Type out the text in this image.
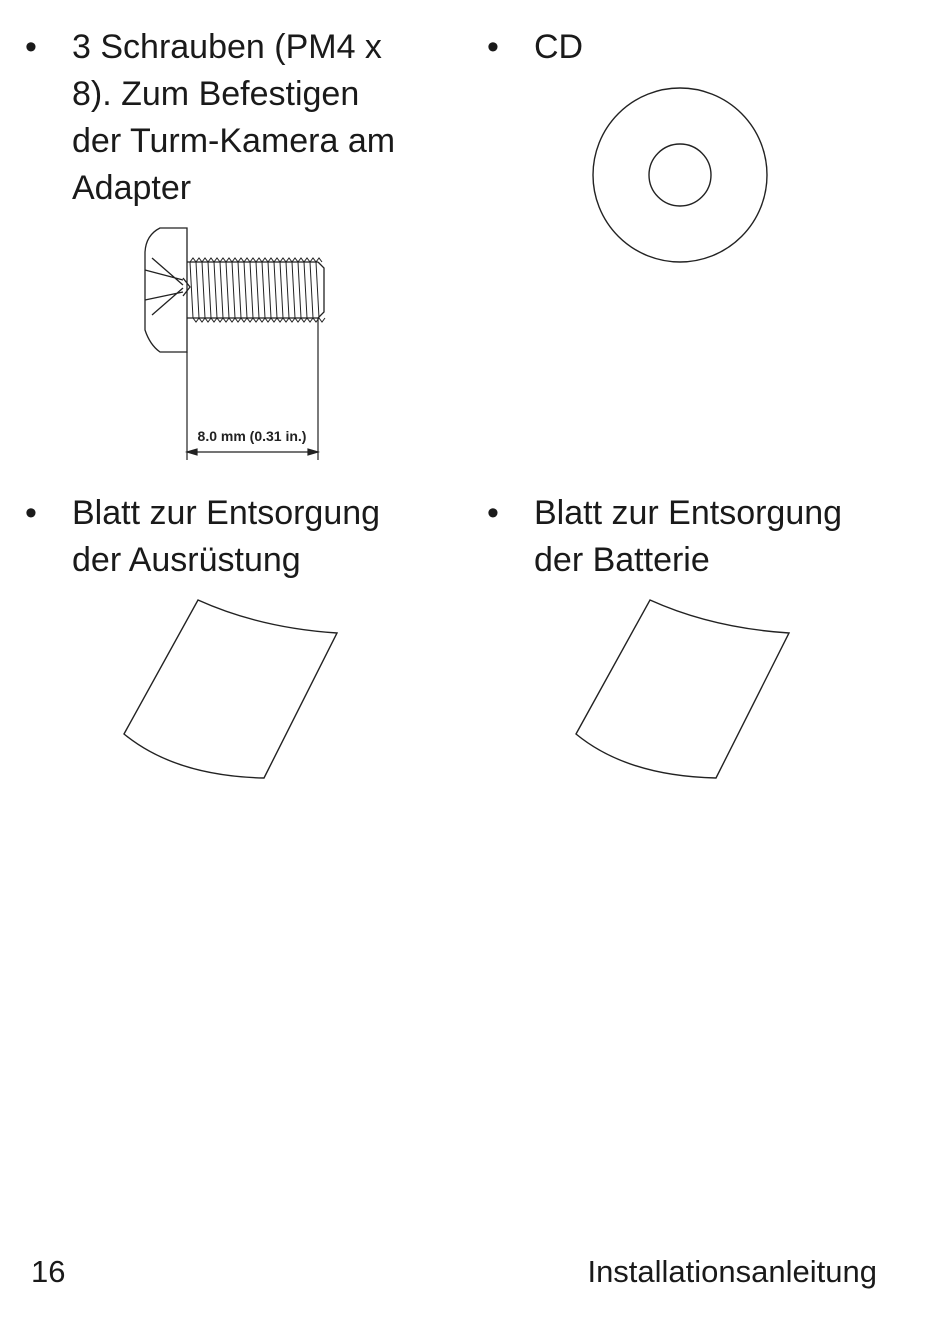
• 3 Schrauben (PM4 x
8). Zum Befestigen
der Turm-Kamera am
Adapter
• CD
• Blatt zur Entsorgung
der Ausrüstung
• Blatt zur Entsorgung
der Batterie
8.0 mm (0.31 in.)
16	Installationsanleitung
